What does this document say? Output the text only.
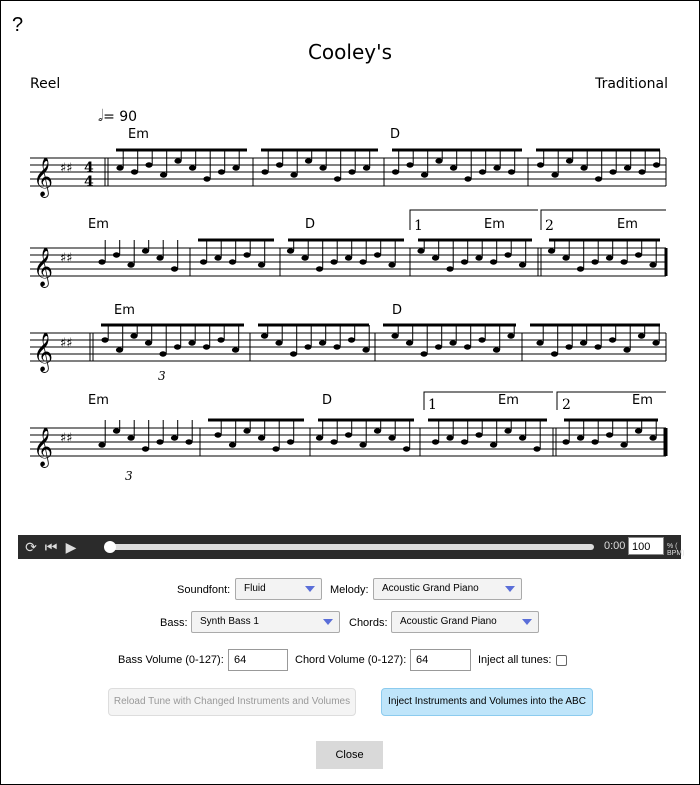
?
Cooley's
Reel	Traditional
𝅗𝅥= 90
𝄞 ♯♯
𝄞 ♯♯
𝄞 ♯♯
𝄞 ♯♯
4
4
Em	D
Em	D	Em	Em
Em	D
Em	D	Em	Em
1	2
1	2
3
3
⟳ ⏮ ▶	0:00 100	% ( BPM)
Soundfont:	Fluid	Melody:	Acoustic Grand Piano
Bass:	Synth Bass 1	Chords:	Acoustic Grand Piano
Bass Volume (0-127): 64	Chord Volume (0-127): 64	Inject all tunes:
Reload Tune with Changed Instruments and Volumes	Inject Instruments and Volumes into the ABC
Close
